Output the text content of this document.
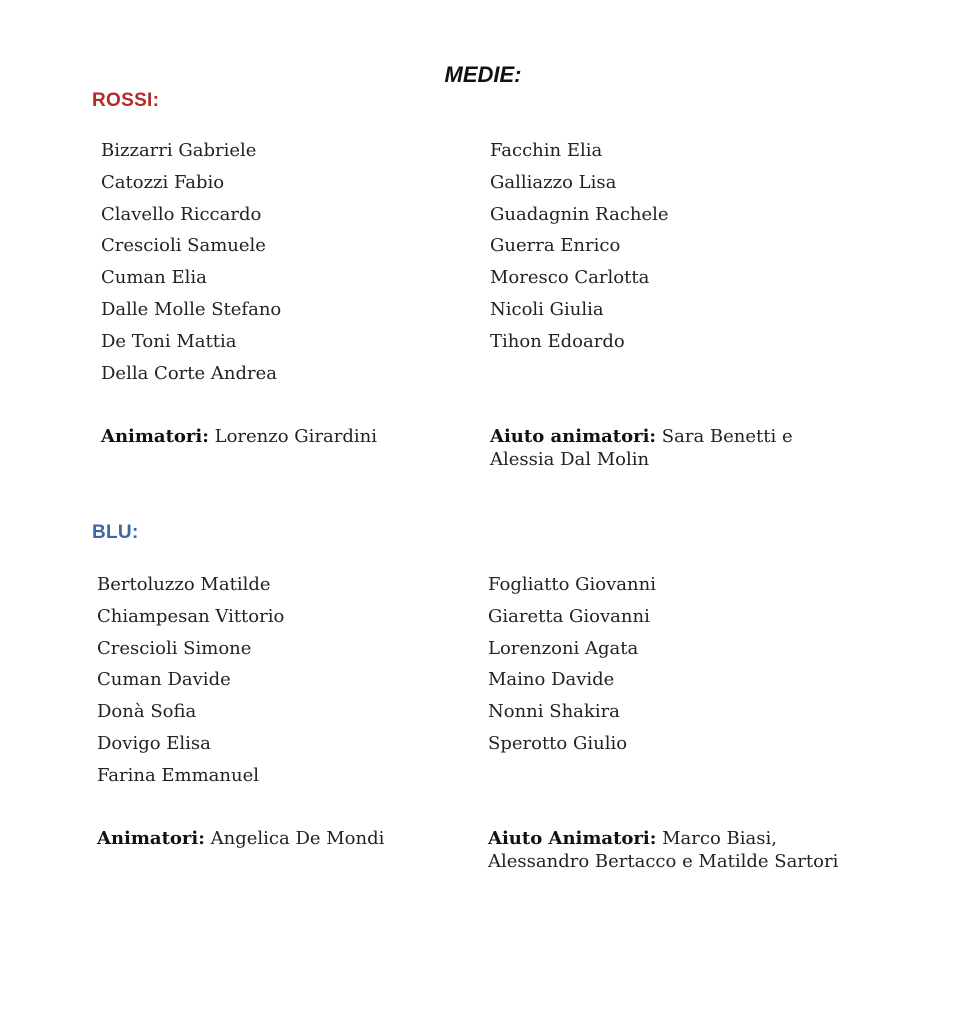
MEDIE:
ROSSI:
Bizzarri Gabriele
Catozzi Fabio
Clavello Riccardo
Crescioli Samuele
Cuman Elia
Dalle Molle Stefano
De Toni Mattia
Della Corte Andrea
Facchin Elia
Galliazzo Lisa
Guadagnin Rachele
Guerra Enrico
Moresco Carlotta
Nicoli Giulia
Tihon Edoardo
Animatori: Lorenzo Girardini	Aiuto animatori: Sara Benetti e
Alessia Dal Molin
BLU:
Bertoluzzo Matilde
Chiampesan Vittorio
Crescioli Simone
Cuman Davide
Donà Sofia
Dovigo Elisa
Farina Emmanuel
Fogliatto Giovanni
Giaretta Giovanni
Lorenzoni Agata
Maino Davide
Nonni Shakira
Sperotto Giulio
Animatori: Angelica De Mondi	Aiuto Animatori: Marco Biasi,
Alessandro Bertacco e Matilde Sartori
